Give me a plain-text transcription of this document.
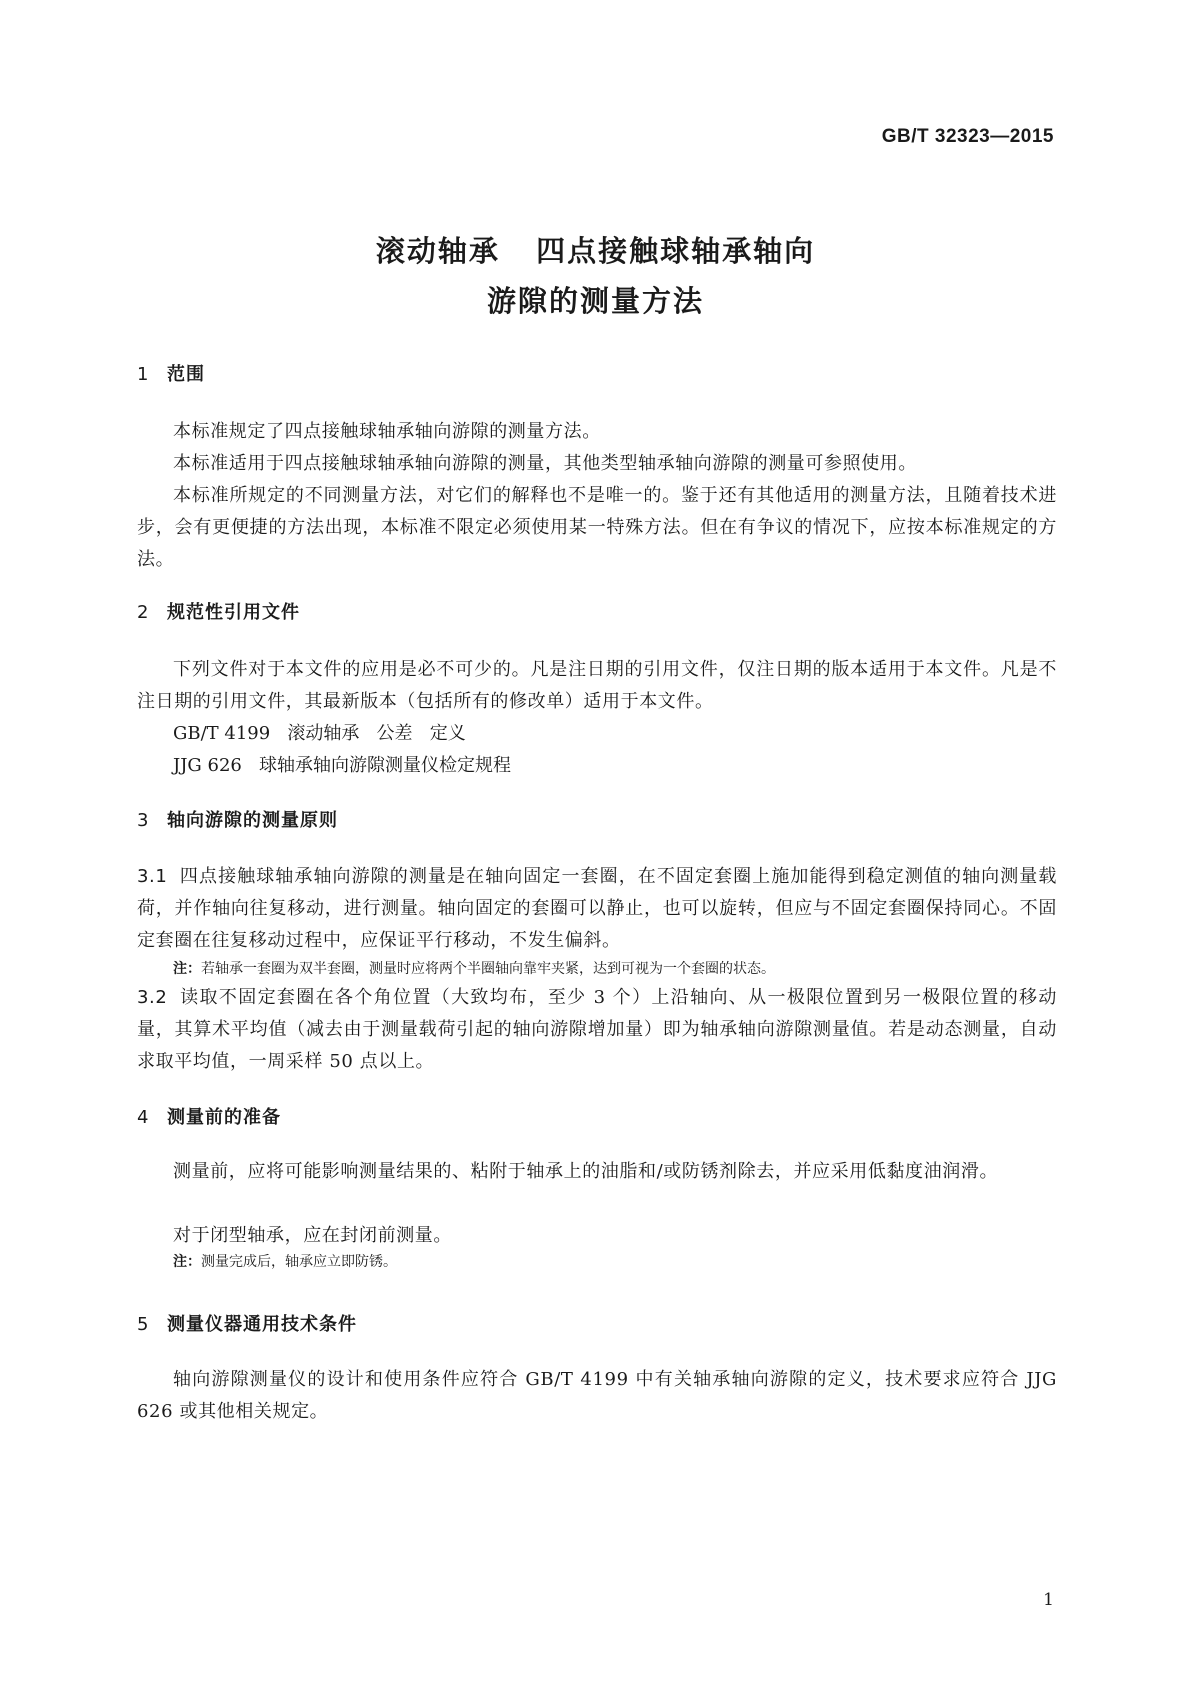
GB/T 32323—2015
滚动轴承   四点接触球轴承轴向
游隙的测量方法
1 范围
本标准规定了四点接触球轴承轴向游隙的测量方法。
本标准适用于四点接触球轴承轴向游隙的测量，其他类型轴承轴向游隙的测量可参照使用。
本标准所规定的不同测量方法，对它们的解释也不是唯一的。鉴于还有其他适用的测量方法，且随着技术进步，会有更便捷的方法出现，本标准不限定必须使用某一特殊方法。但在有争议的情况下，应按本标准规定的方法。
2 规范性引用文件
下列文件对于本文件的应用是必不可少的。凡是注日期的引用文件，仅注日期的版本适用于本文件。凡是不注日期的引用文件，其最新版本（包括所有的修改单）适用于本文件。
GB/T 4199   滚动轴承   公差   定义
JJG 626   球轴承轴向游隙测量仪检定规程
3 轴向游隙的测量原则
3.1 四点接触球轴承轴向游隙的测量是在轴向固定一套圈，在不固定套圈上施加能得到稳定测值的轴向测量载荷，并作轴向往复移动，进行测量。轴向固定的套圈可以静止，也可以旋转，但应与不固定套圈保持同心。不固定套圈在往复移动过程中，应保证平行移动，不发生偏斜。
注：若轴承一套圈为双半套圈，测量时应将两个半圈轴向靠牢夹紧，达到可视为一个套圈的状态。
3.2 读取不固定套圈在各个角位置（大致均布，至少 3 个）上沿轴向、从一极限位置到另一极限位置的移动量，其算术平均值（减去由于测量载荷引起的轴向游隙增加量）即为轴承轴向游隙测量值。若是动态测量，自动求取平均值，一周采样 50 点以上。
4 测量前的准备
测量前，应将可能影响测量结果的、粘附于轴承上的油脂和/或防锈剂除去，并应采用低黏度油润滑。
对于闭型轴承，应在封闭前测量。
注：测量完成后，轴承应立即防锈。
5 测量仪器通用技术条件
轴向游隙测量仪的设计和使用条件应符合 GB/T 4199 中有关轴承轴向游隙的定义，技术要求应符合 JJG 626 或其他相关规定。
1
